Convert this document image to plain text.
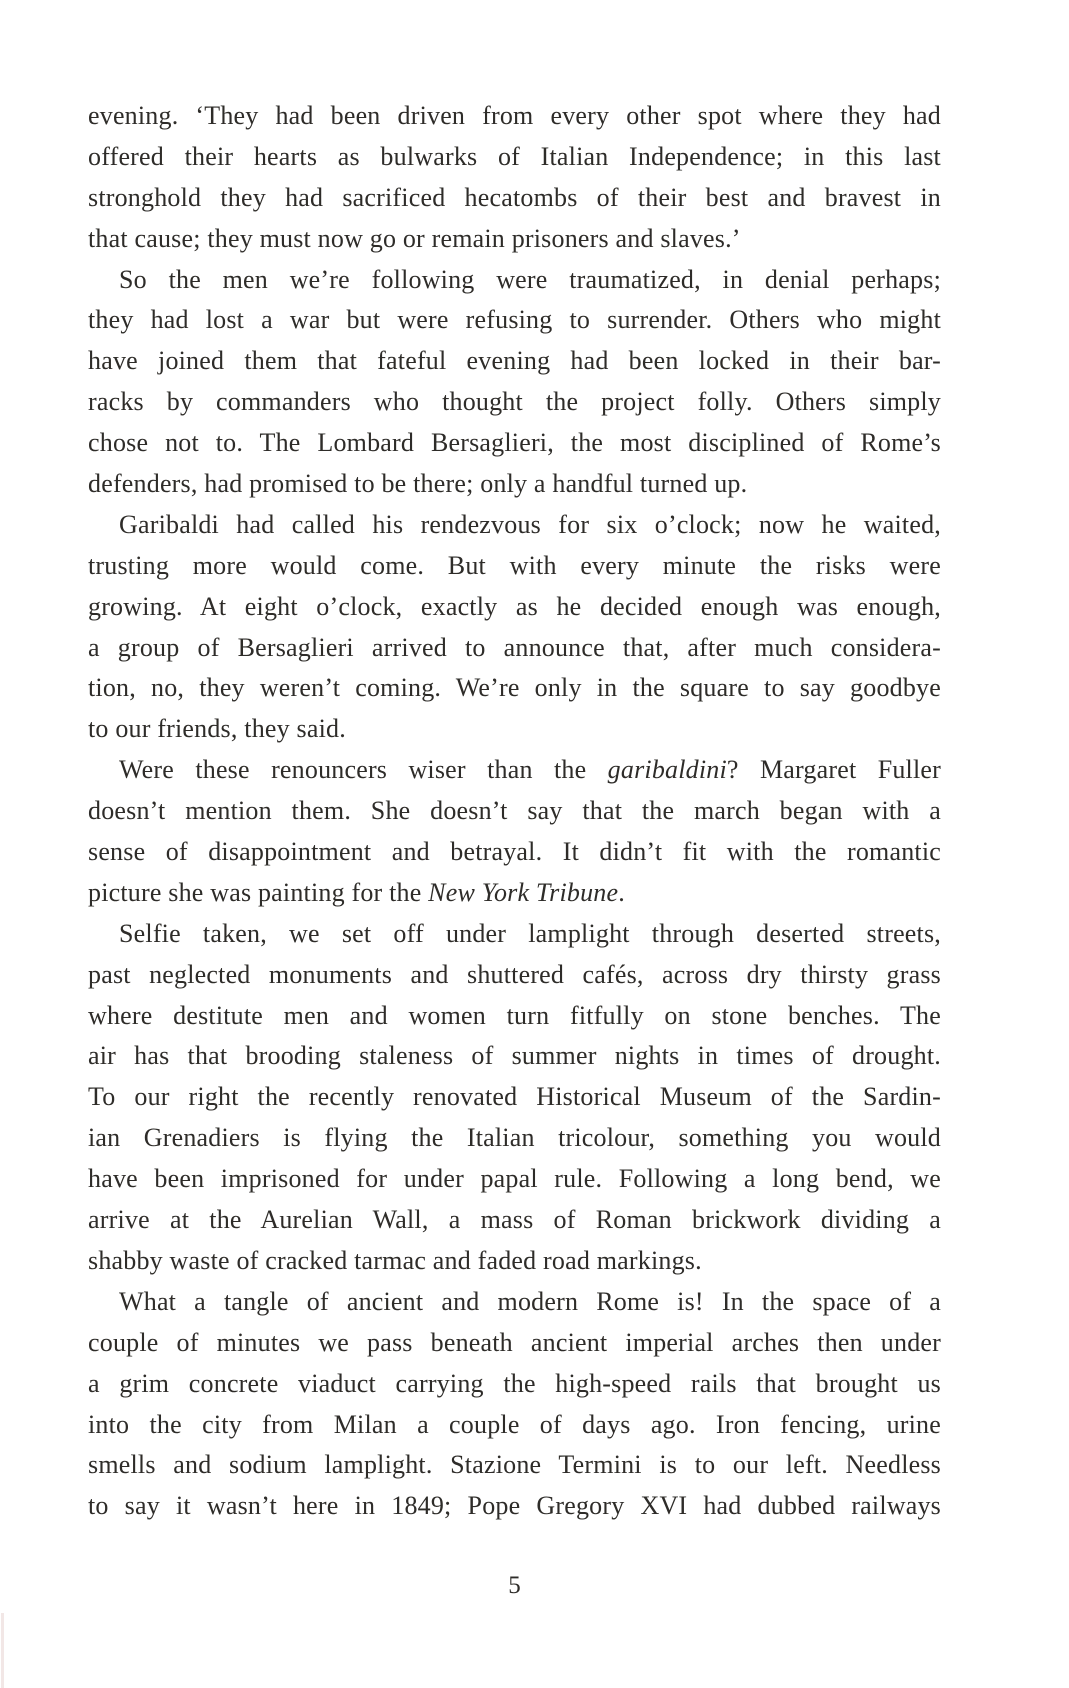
evening. ‘They had been driven from every other spot where they had
offered their hearts as bulwarks of Italian Independence; in this last
stronghold they had sacrificed hecatombs of their best and bravest in
that cause; they must now go or remain prisoners and slaves.’
So the men we’re following were traumatized, in denial perhaps;
they had lost a war but were refusing to surrender. Others who might
have joined them that fateful evening had been locked in their bar-
racks by commanders who thought the project folly. Others simply
chose not to. The Lombard Bersaglieri, the most disciplined of Rome’s
defenders, had promised to be there; only a handful turned up.
Garibaldi had called his rendezvous for six o’clock; now he waited,
trusting more would come. But with every minute the risks were
growing. At eight o’clock, exactly as he decided enough was enough,
a group of Bersaglieri arrived to announce that, after much considera-
tion, no, they weren’t coming. We’re only in the square to say goodbye
to our friends, they said.
Were these renouncers wiser than the garibaldini? Margaret Fuller
doesn’t mention them. She doesn’t say that the march began with a
sense of disappointment and betrayal. It didn’t fit with the romantic
picture she was painting for the New York Tribune.
Selfie taken, we set off under lamplight through deserted streets,
past neglected monuments and shuttered cafés, across dry thirsty grass
where destitute men and women turn fitfully on stone benches. The
air has that brooding staleness of summer nights in times of drought.
To our right the recently renovated Historical Museum of the Sardin-
ian Grenadiers is flying the Italian tricolour, something you would
have been imprisoned for under papal rule. Following a long bend, we
arrive at the Aurelian Wall, a mass of Roman brickwork dividing a
shabby waste of cracked tarmac and faded road markings.
What a tangle of ancient and modern Rome is! In the space of a
couple of minutes we pass beneath ancient imperial arches then under
a grim concrete viaduct carrying the high-speed rails that brought us
into the city from Milan a couple of days ago. Iron fencing, urine
smells and sodium lamplight. Stazione Termini is to our left. Needless
to say it wasn’t here in 1849; Pope Gregory XVI had dubbed railways
5
